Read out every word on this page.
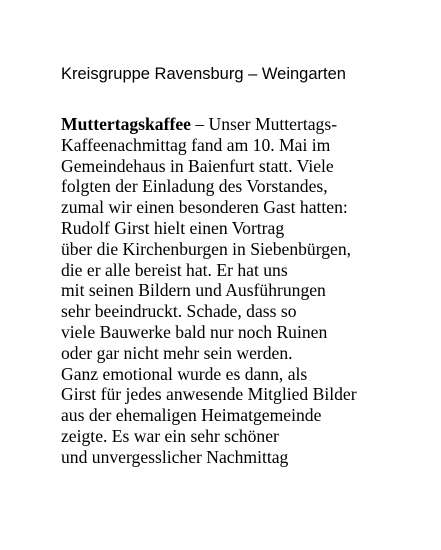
Kreisgruppe Ravensburg – Weingarten
Muttertagskaffee – Unser Muttertags-
Kaffeenachmittag fand am 10. Mai im
Gemeindehaus in Baienfurt statt. Viele
folgten der Einladung des Vorstandes,
zumal wir einen besonderen Gast hatten:
Rudolf Girst hielt einen Vortrag
über die Kirchenburgen in Siebenbürgen,
die er alle bereist hat. Er hat uns
mit seinen Bildern und Ausführungen
sehr beeindruckt. Schade, dass so
viele Bauwerke bald nur noch Ruinen
oder gar nicht mehr sein werden.
Ganz emotional wurde es dann, als
Girst für jedes anwesende Mitglied Bilder
aus der ehemaligen Heimatgemeinde
zeigte. Es war ein sehr schöner
und unvergesslicher Nachmittag
